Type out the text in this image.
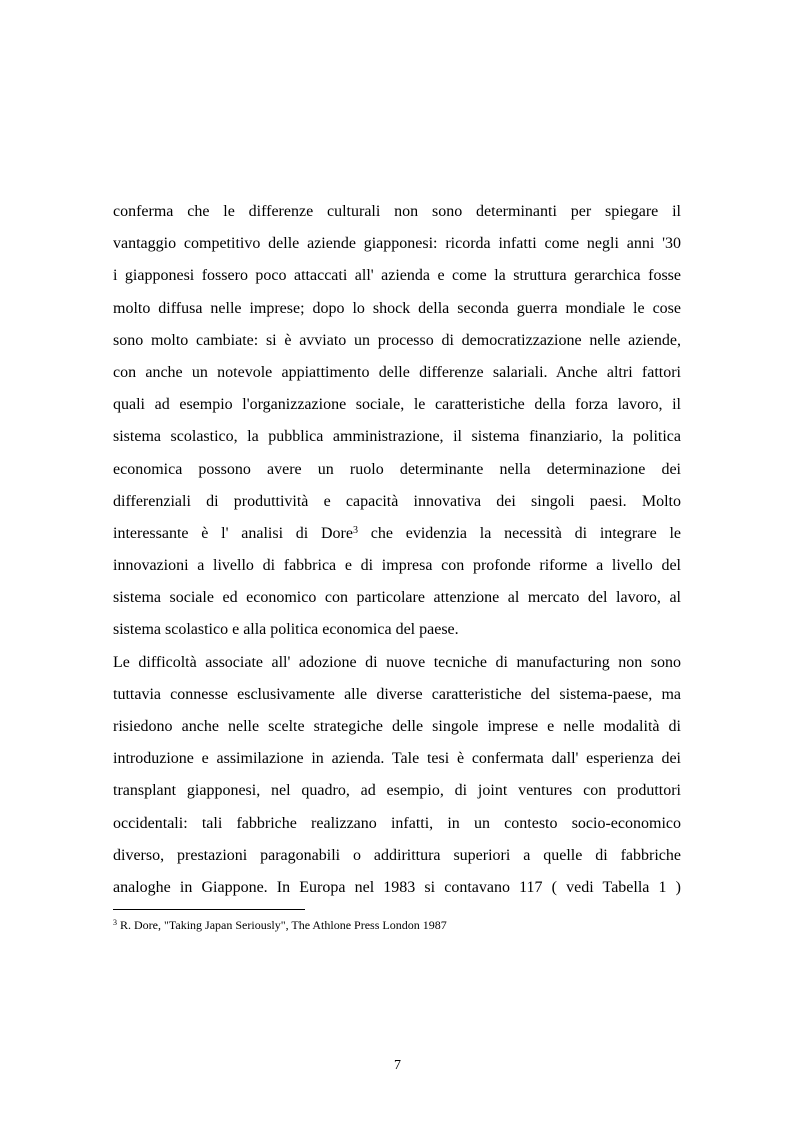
conferma che le differenze culturali non sono determinanti per spiegare il
vantaggio competitivo delle aziende giapponesi: ricorda infatti come negli anni '30
i giapponesi fossero poco attaccati all' azienda e come la struttura gerarchica fosse
molto diffusa nelle imprese; dopo lo shock della seconda guerra mondiale le cose
sono molto cambiate: si è avviato un processo di democratizzazione nelle aziende,
con anche un notevole appiattimento delle differenze salariali. Anche altri fattori
quali ad esempio l'organizzazione sociale, le caratteristiche della forza lavoro, il
sistema scolastico, la pubblica amministrazione, il sistema finanziario, la politica
economica possono avere un ruolo determinante nella determinazione dei
differenziali di produttività e capacità innovativa dei singoli paesi. Molto
interessante è l' analisi di Dore$^3$ che evidenzia la necessità di integrare le
innovazioni a livello di fabbrica e di impresa con profonde riforme a livello del
sistema sociale ed economico con particolare attenzione al mercato del lavoro, al
sistema scolastico e alla politica economica del paese.
Le difficoltà associate all' adozione di nuove tecniche di manufacturing non sono
tuttavia connesse esclusivamente alle diverse caratteristiche del sistema-paese, ma
risiedono anche nelle scelte strategiche delle singole imprese e nelle modalità di
introduzione e assimilazione in azienda. Tale tesi è confermata dall' esperienza dei
transplant giapponesi, nel quadro, ad esempio, di joint ventures con produttori
occidentali: tali fabbriche realizzano infatti, in un contesto socio-economico
diverso, prestazioni paragonabili o addirittura superiori a quelle di fabbriche
analoghe in Giappone. In Europa nel 1983 si contavano 117 ( vedi Tabella 1 )
$^3$ R. Dore, "Taking Japan Seriously", The Athlone Press London 1987
7
